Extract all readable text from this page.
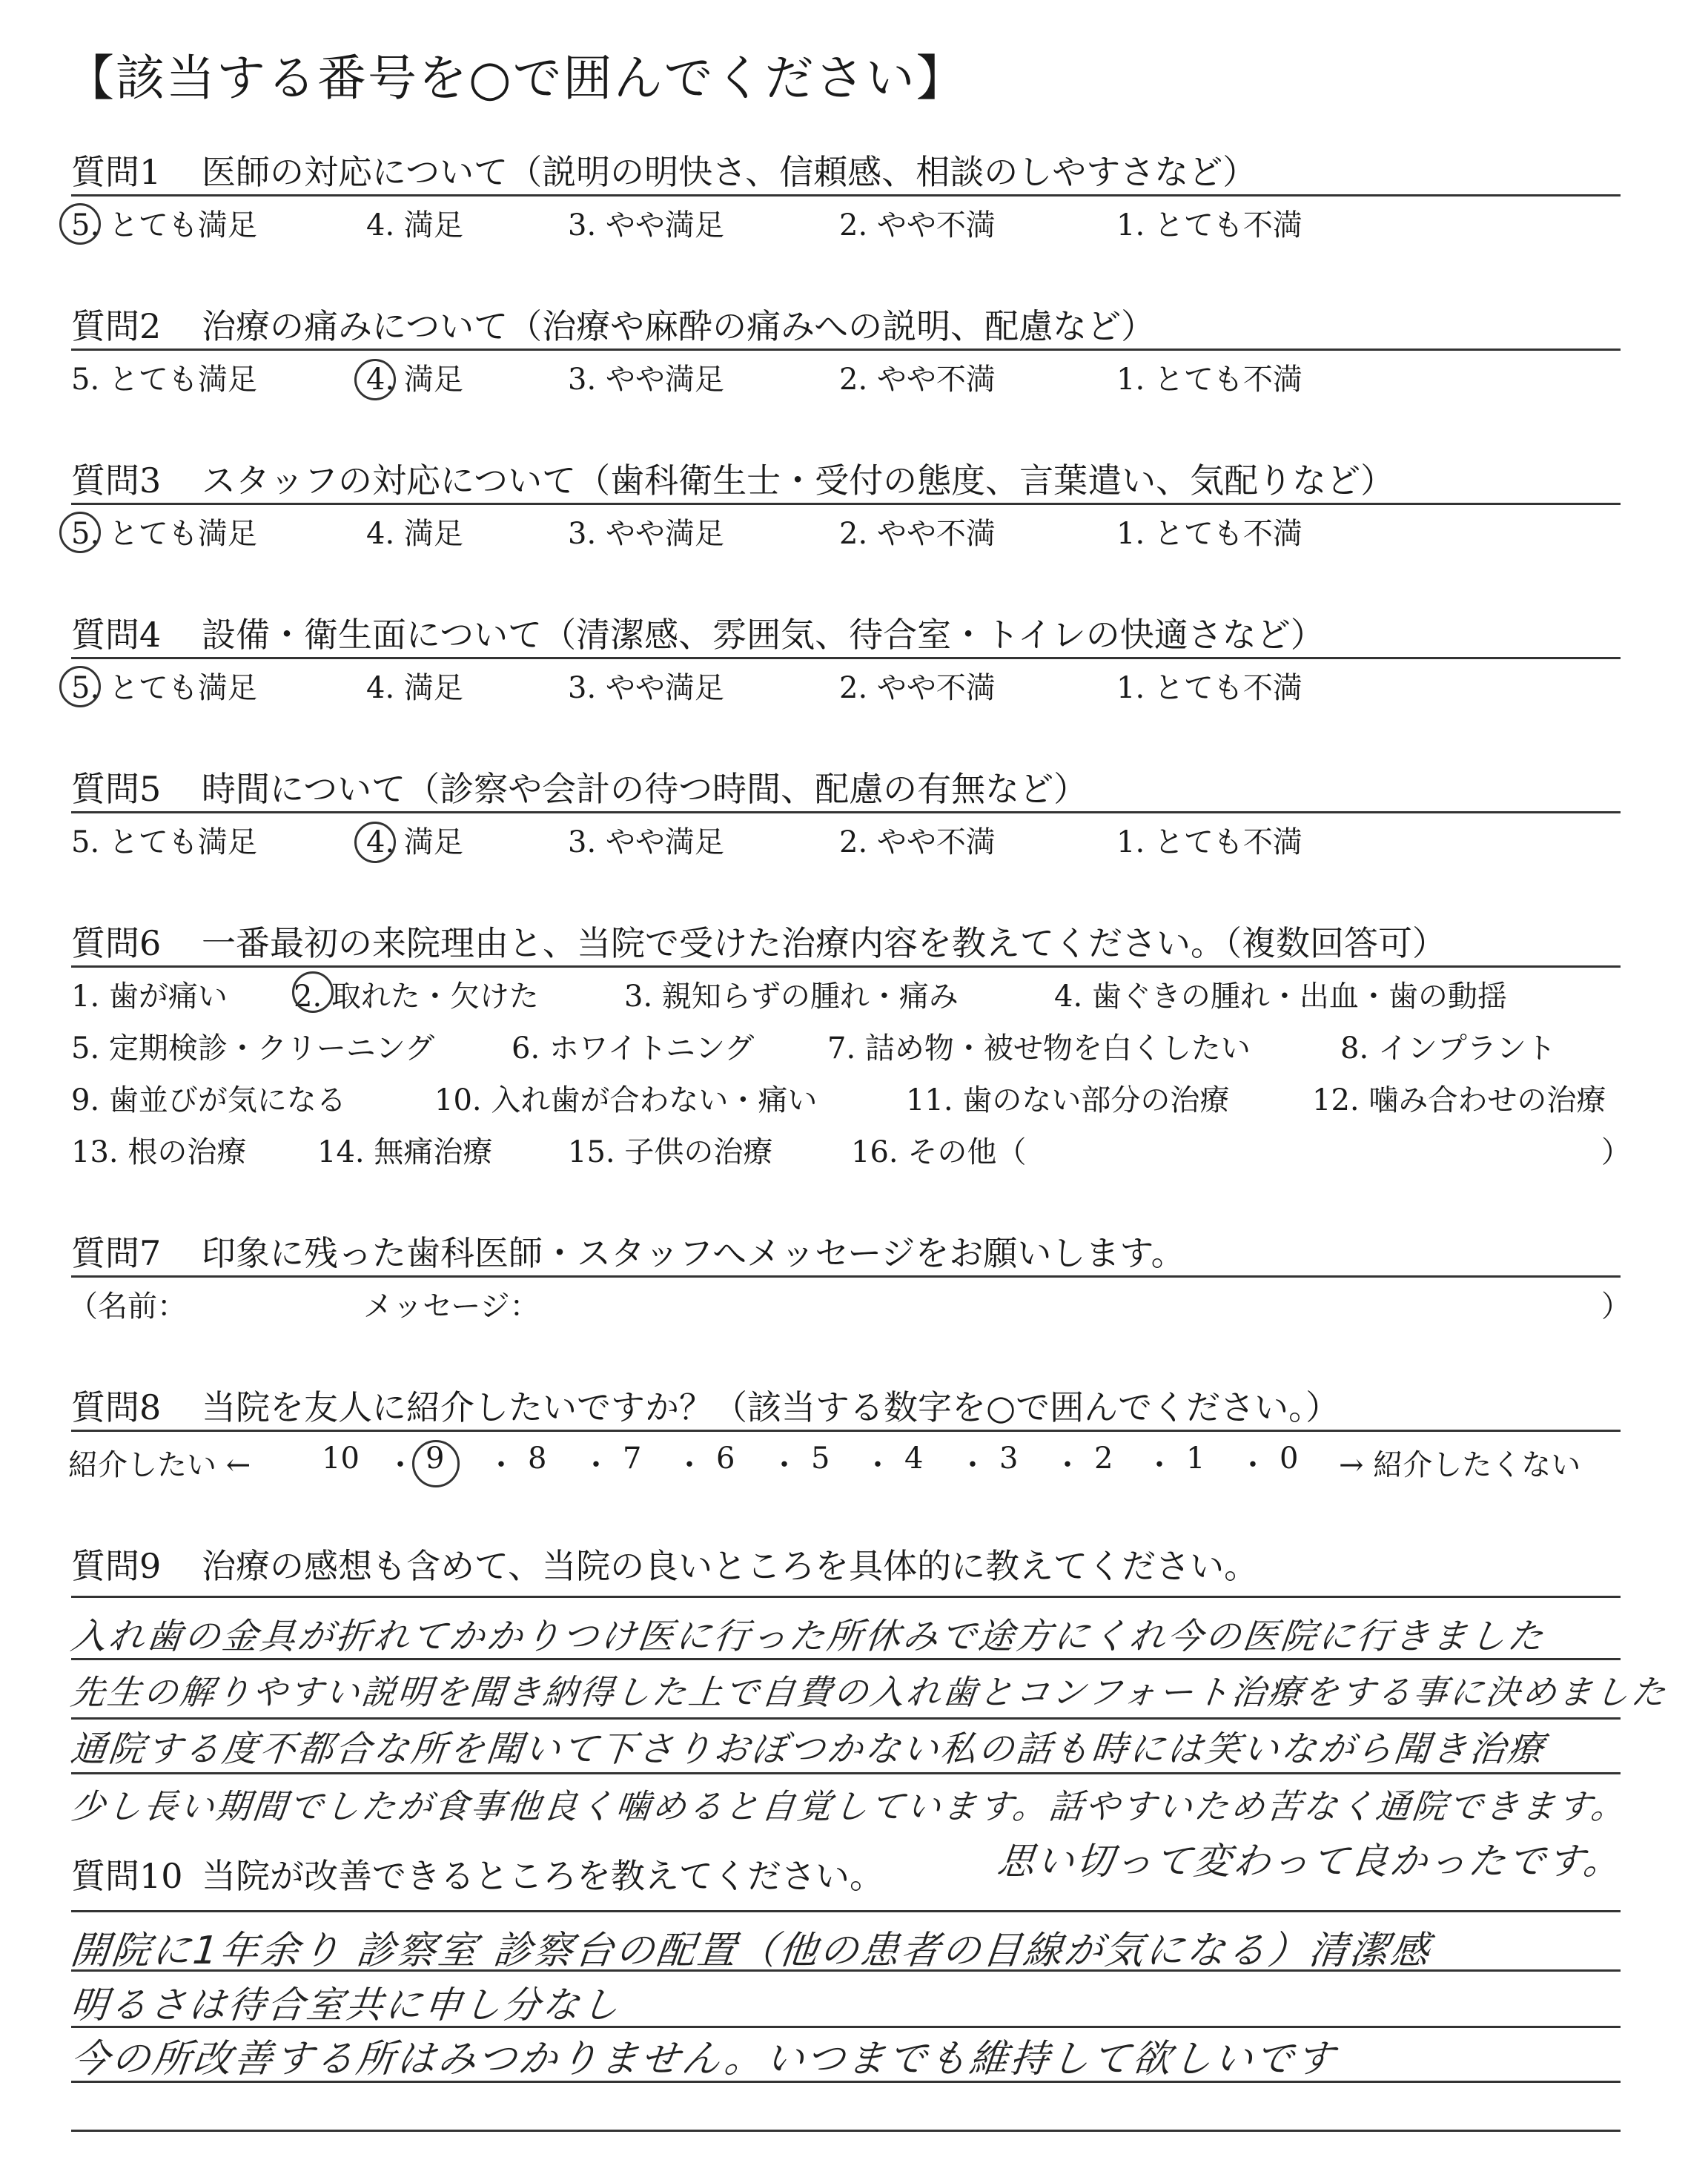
【該当する番号を○で囲んでください】
質問1 医師の対応について（説明の明快さ、信頼感、相談のしやすさなど）
5. とても満足	4. 満足	3. やや満足	2. やや不満	1. とても不満
質問2 治療の痛みについて（治療や麻酔の痛みへの説明、配慮など）
5. とても満足	4. 満足	3. やや満足	2. やや不満	1. とても不満
質問3 スタッフの対応について（歯科衛生士・受付の態度、言葉遣い、気配りなど）
5. とても満足	4. 満足	3. やや満足	2. やや不満	1. とても不満
質問4 設備・衛生面について（清潔感、雰囲気、待合室・トイレの快適さなど）
5. とても満足	4. 満足	3. やや満足	2. やや不満	1. とても不満
質問5 時間について（診察や会計の待つ時間、配慮の有無など）
5. とても満足	4. 満足	3. やや満足	2. やや不満	1. とても不満
質問6 一番最初の来院理由と、当院で受けた治療内容を教えてください。（複数回答可）
1. 歯が痛い 2. 取れた・欠けた	3. 親知らずの腫れ・痛み	4. 歯ぐきの腫れ・出血・歯の動揺
5. 定期検診・クリーニング	6. ホワイトニング 7. 詰め物・被せ物を白くしたい	8. インプラント
9. 歯並びが気になる	10. 入れ歯が合わない・痛い	11. 歯のない部分の治療	12. 噛み合わせの治療
13. 根の治療 14. 無痛治療	15. 子供の治療	16. その他（	）
質問7 印象に残った歯科医師・スタッフへメッセージをお願いします。
（名前：	メッセージ：	）
質問8 当院を友人に紹介したいですか？（該当する数字を○で囲んでください。）
紹介したい ← 10 9	8	7	6	5	4	3	2 1	0 → 紹介したくない
・ ・ ・ ・ ・ ・ ・ ・ ・ ・
質問9 治療の感想も含めて、当院の良いところを具体的に教えてください。
入れ歯の金具が折れてかかりつけ医に行った所休みで途方にくれ今の医院に行きました
先生の解りやすい説明を聞き納得した上で自費の入れ歯とコンフォート治療をする事に決めました
通院する度不都合な所を聞いて下さりおぼつかない私の話も時には笑いながら聞き治療
少し長い期間でしたが食事他良く噛めると自覚しています。話やすいため苦なく通院できます。
思い切って変わって良かったです。
質問10 当院が改善できるところを教えてください。
開院に1年余り 診察室 診察台の配置（他の患者の目線が気になる）清潔感
明るさは待合室共に申し分なし
今の所改善する所はみつかりません。いつまでも維持して欲しいです
